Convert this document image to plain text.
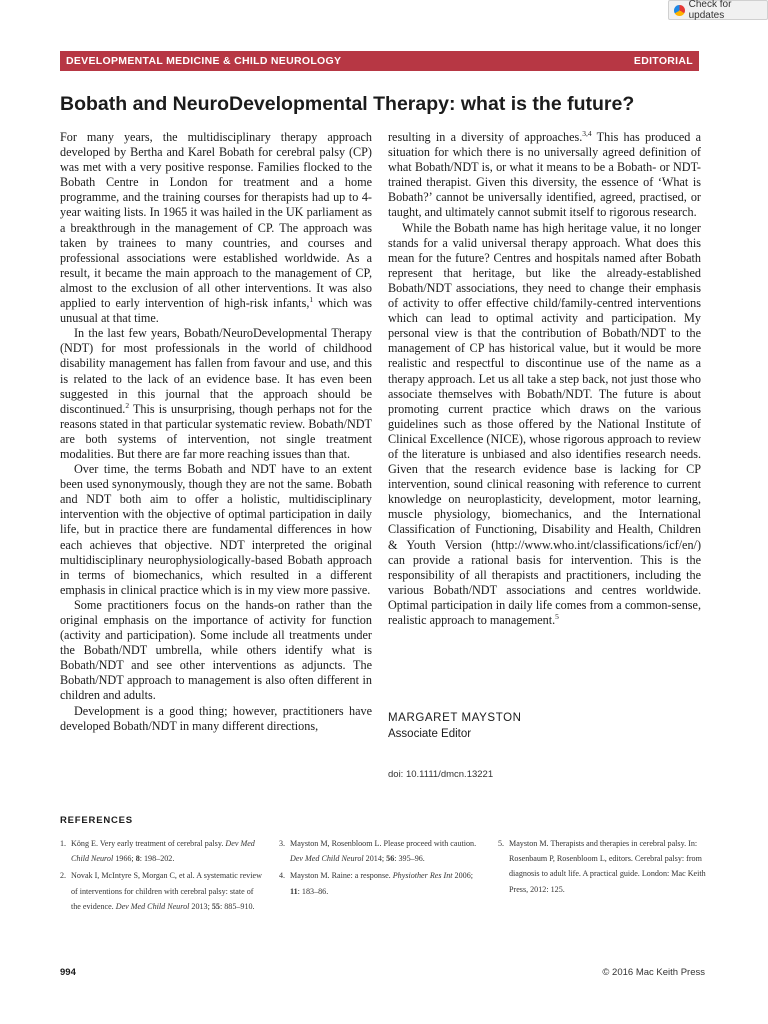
Check for updates
DEVELOPMENTAL MEDICINE & CHILD NEUROLOGY	EDITORIAL
Bobath and NeuroDevelopmental Therapy: what is the future?

For many years, the multidisciplinary therapy approach developed by Bertha and Karel Bobath for cerebral palsy (CP) was met with a very positive response. Families flocked to the Bobath Centre in London for treatment and a home programme, and the training courses for therapists had up to 4-year waiting lists. In 1965 it was hailed in the UK parliament as a breakthrough in the management of CP. The approach was taken by trainees to many countries, and courses and professional associations were established worldwide. As a result, it became the main approach to the management of CP, almost to the exclusion of all other interventions. It was also applied to early intervention of high-risk infants,$^1$ which was unusual at that time.

In the last few years, Bobath/NeuroDevelopmental Therapy (NDT) for most professionals in the world of childhood disability management has fallen from favour and use, and this is related to the lack of an evidence base. It has even been suggested in this journal that the approach should be discontinued.$^2$ This is unsurprising, though perhaps not for the reasons stated in that particular systematic review. Bobath/NDT are both systems of intervention, not single treatment modalities. But there are far more reaching issues than that.

Over time, the terms Bobath and NDT have to an extent been used synonymously, though they are not the same. Bobath and NDT both aim to offer a holistic, multidisciplinary intervention with the objective of optimal participation in daily life, but in practice there are fundamental differences in how each achieves that objective. NDT interpreted the original multidisciplinary neurophysiologically-based Bobath approach in terms of biomechanics, which resulted in a different emphasis in clinical practice which is in my view more passive.

Some practitioners focus on the hands-on rather than the original emphasis on the importance of activity for function (activity and participation). Some include all treatments under the Bobath/NDT umbrella, while others identify what is Bobath/NDT and see other interventions as adjuncts. The Bobath/NDT approach to management is also often different in children and adults.

Development is a good thing; however, practitioners have developed Bobath/NDT in many different directions,

resulting in a diversity of approaches.$^{3,4}$ This has produced a situation for which there is no universally agreed definition of what Bobath/NDT is, or what it means to be a Bobath- or NDT-trained therapist. Given this diversity, the essence of ‘What is Bobath?’ cannot be universally identified, agreed, practised, or taught, and ultimately cannot submit itself to rigorous research.

While the Bobath name has high heritage value, it no longer stands for a valid universal therapy approach. What does this mean for the future? Centres and hospitals named after Bobath represent that heritage, but like the already-established Bobath/NDT associations, they need to change their emphasis of activity to offer effective child/family-centred interventions which can lead to optimal activity and participation. My personal view is that the contribution of Bobath/NDT to the management of CP has historical value, but it would be more realistic and respectful to discontinue use of the name as a therapy approach. Let us all take a step back, not just those who associate themselves with Bobath/NDT. The future is about promoting current practice which draws on the various guidelines such as those offered by the National Institute of Clinical Excellence (NICE), whose rigorous approach to review of the literature is unbiased and also identifies research needs. Given that the research evidence base is lacking for CP intervention, sound clinical reasoning with reference to current knowledge on neuroplasticity, development, motor learning, muscle physiology, biomechanics, and the International Classification of Functioning, Disability and Health, Children & Youth Version (http://www.who.int/classifications/icf/en/) can provide a rational basis for intervention. This is the responsibility of all therapists and practitioners, including the various Bobath/NDT associations and centres worldwide. Optimal participation in daily life comes from a common-sense, realistic approach to management.$^5$

MARGARET MAYSTON
Associate Editor
doi: 10.1111/dmcn.13221
REFERENCES
1. Köng E. Very early treatment of cerebral palsy. Dev Med Child Neurol 1966; 8: 198–202.
2. Novak I, McIntyre S, Morgan C, et al. A systematic review of interventions for children with cerebral palsy: state of the evidence. Dev Med Child Neurol 2013; 55: 885–910.
3. Mayston M, Rosenbloom L. Please proceed with caution. Dev Med Child Neurol 2014; 56: 395–96.
4. Mayston M. Raine: a response. Physiother Res Int 2006; 11: 183–86.
5. Mayston M. Therapists and therapies in cerebral palsy. In: Rosenbaum P, Rosenbloom L, editors. Cerebral palsy: from diagnosis to adult life. A practical guide. London: Mac Keith Press, 2012: 125.
994	© 2016 Mac Keith Press
